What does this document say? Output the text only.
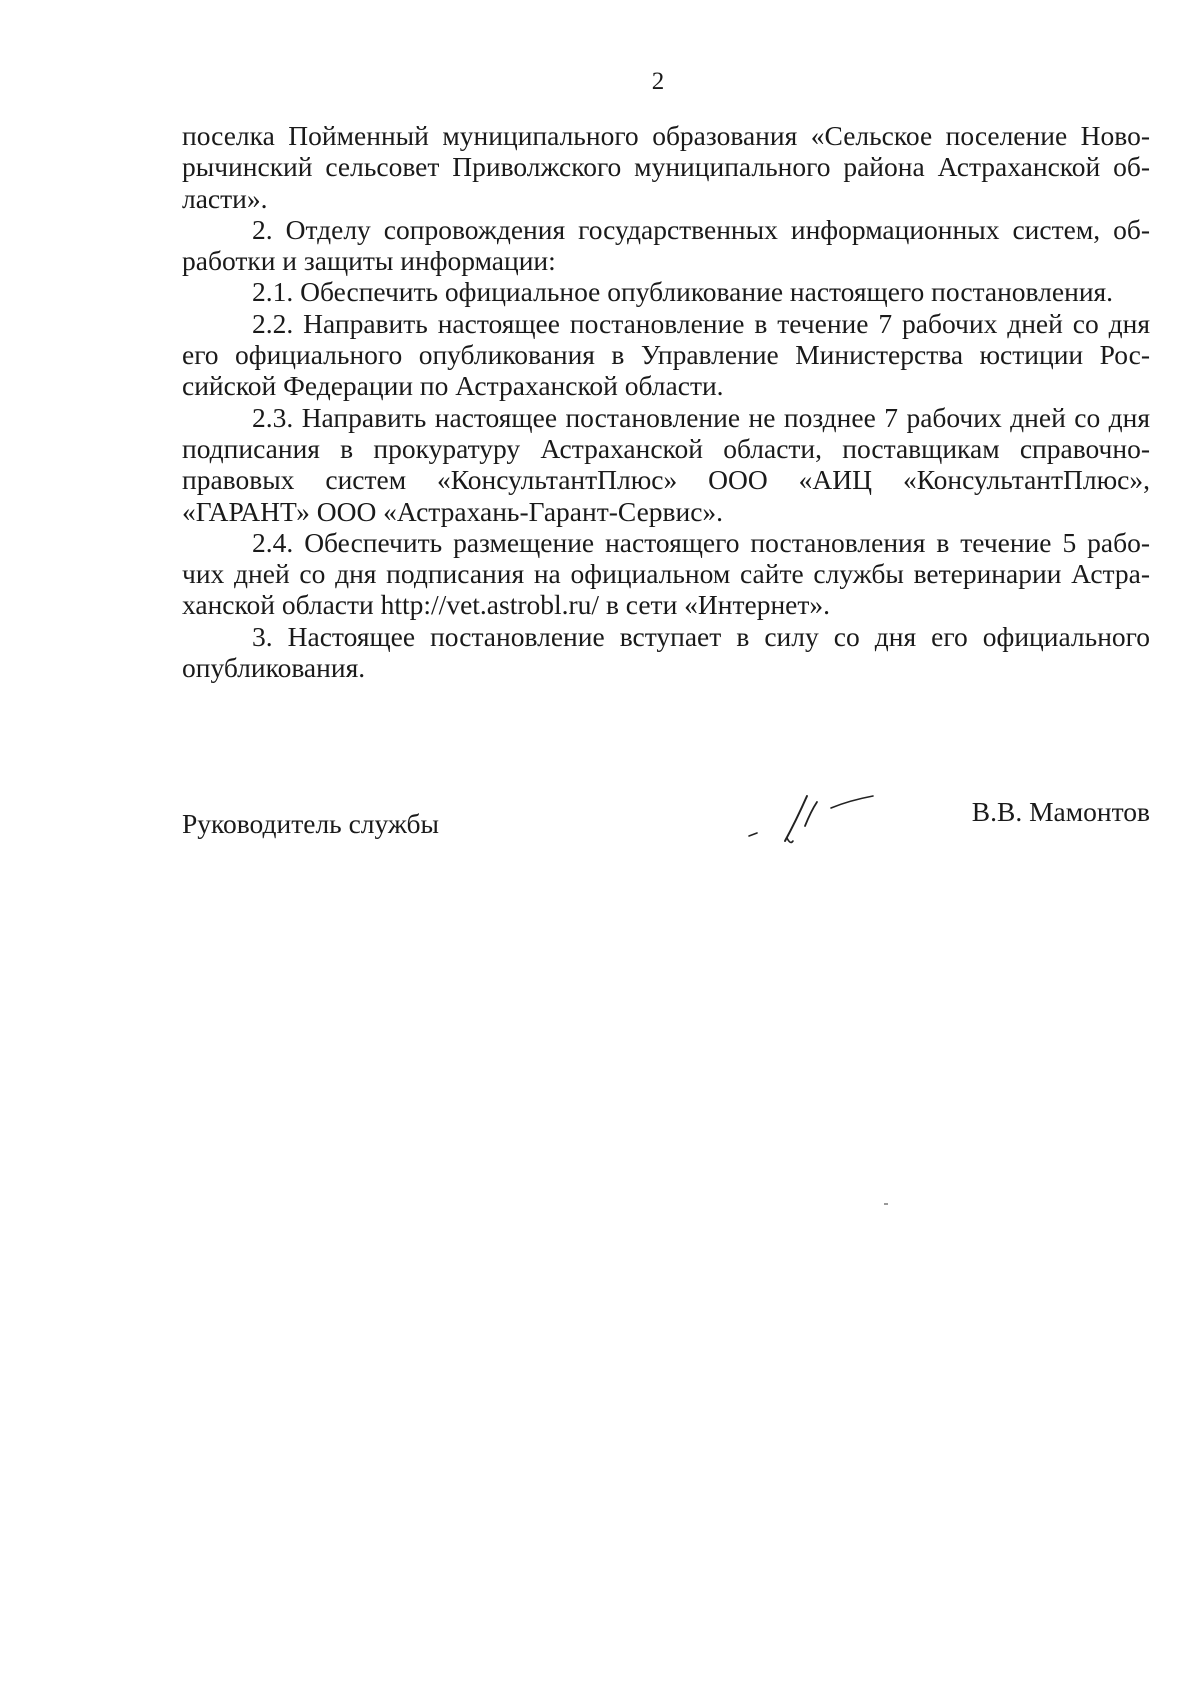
2

поселка Пойменный муниципального образования «Сельское поселение Ново-рычинский сельсовет Приволжского муниципального района Астраханской об-ласти».

2. Отделу сопровождения государственных информационных систем, об-работки и защиты информации:

2.1. Обеспечить официальное опубликование настоящего постановления.

2.2. Направить настоящее постановление в течение 7 рабочих дней со дня его официального опубликования в Управление Министерства юстиции Рос-сийской Федерации по Астраханской области.

2.3. Направить настоящее постановление не позднее 7 рабочих дней со дня подписания в прокуратуру Астраханской области, поставщикам справочно-правовых систем «КонсультантПлюс» ООО «АИЦ «КонсультантПлюс», «ГАРАНТ» ООО «Астрахань-Гарант-Сервис».

2.4. Обеспечить размещение настоящего постановления в течение 5 рабо-чих дней со дня подписания на официальном сайте службы ветеринарии Астра-ханской области http://vet.astrobl.ru/ в сети «Интернет».

3. Настоящее постановление вступает в силу со дня его официального опубликования.

Руководитель службы	В.В. Мамонтов
